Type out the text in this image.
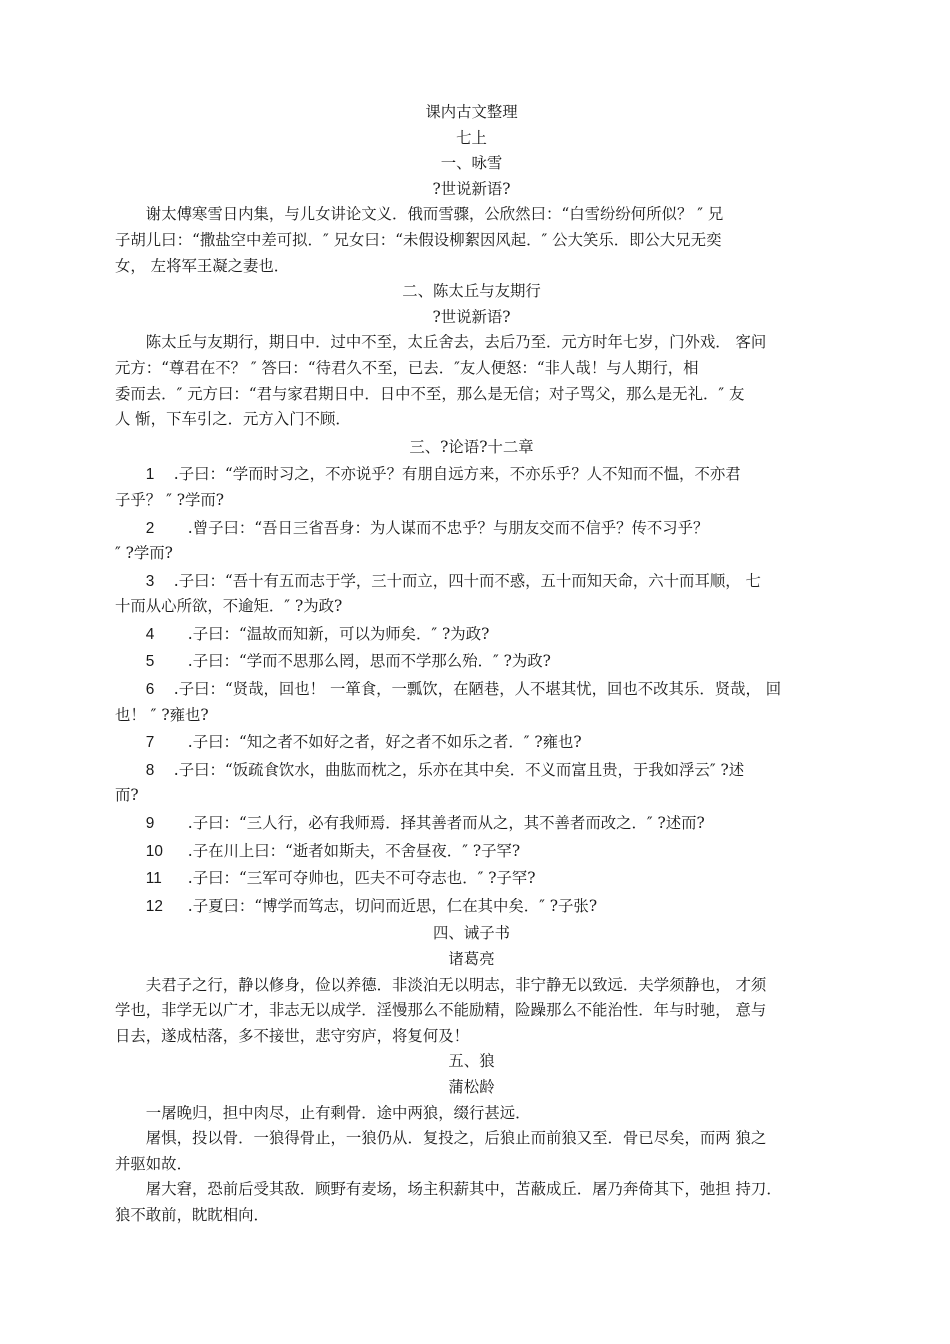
课内古文整理
七上
一、咏雪
?世说新语?
谢太傅寒雪日内集，与儿女讲论文义．俄而雪骤，公欣然曰：“白雪纷纷何所似？ ″ 兄
子胡儿曰：“撒盐空中差可拟．″ 兄女曰：“未假设柳絮因风起．″ 公大笑乐．即公大兄无奕
女， 左将军王凝之妻也．
二、陈太丘与友期行
?世说新语?
陈太丘与友期行，期日中．过中不至，太丘舍去，去后乃至．元方时年七岁，门外戏． 客问
元方：“尊君在不？ ″ 答曰：“待君久不至，已去．″友人便怒：“非人哉！与人期行，相
委而去．″ 元方曰：“君与家君期日中．日中不至，那么是无信；对子骂父，那么是无礼．″ 友
人 惭，下车引之．元方入门不顾．
三、?论语?十二章
1 .子曰：“学而时习之，不亦说乎？有朋自远方来，不亦乐乎？人不知而不愠，不亦君
子乎？ ″ ?学而?
2 .曾子曰：“吾日三省吾身：为人谋而不忠乎？与朋友交而不信乎？传不习乎？
″ ?学而?
3 .子曰：“吾十有五而志于学，三十而立，四十而不惑，五十而知天命，六十而耳顺， 七
十而从心所欲，不逾矩．″ ?为政?
4 .子曰：“温故而知新，可以为师矣．″ ?为政?
5 .子曰：“学而不思那么罔，思而不学那么殆．″ ?为政?
6 .子曰：“贤哉，回也！ 一箪食，一瓢饮，在陋巷，人不堪其忧，回也不改其乐．贤哉， 回
也！ ″ ?雍也?
7 .子曰：“知之者不如好之者，好之者不如乐之者．″ ?雍也?
8 .子曰：“饭疏食饮水，曲肱而枕之，乐亦在其中矣．不义而富且贵，于我如浮云″ ?述
而?
9 .子曰：“三人行，必有我师焉．择其善者而从之，其不善者而改之．″ ?述而?
10 .子在川上曰：“逝者如斯夫，不舍昼夜．″ ?子罕?
11 .子曰：“三军可夺帅也，匹夫不可夺志也．″ ?子罕?
12 .子夏曰：“博学而笃志，切问而近思，仁在其中矣．″ ?子张?
四、诫子书
诸葛亮
夫君子之行，静以修身，俭以养德．非淡泊无以明志，非宁静无以致远．夫学须静也， 才须
学也，非学无以广才，非志无以成学．淫慢那么不能励精，险躁那么不能治性．年与时驰， 意与
日去，遂成枯落，多不接世，悲守穷庐，将复何及！
五、狼
蒲松龄
一屠晚归，担中肉尽，止有剩骨．途中两狼，缀行甚远．
屠惧，投以骨．一狼得骨止，一狼仍从．复投之，后狼止而前狼又至．骨已尽矣，而两 狼之
并驱如故．
屠大窘，恐前后受其敌．顾野有麦场，场主积薪其中，苫蔽成丘．屠乃奔倚其下，弛担 持刀．
狼不敢前，眈眈相向．
